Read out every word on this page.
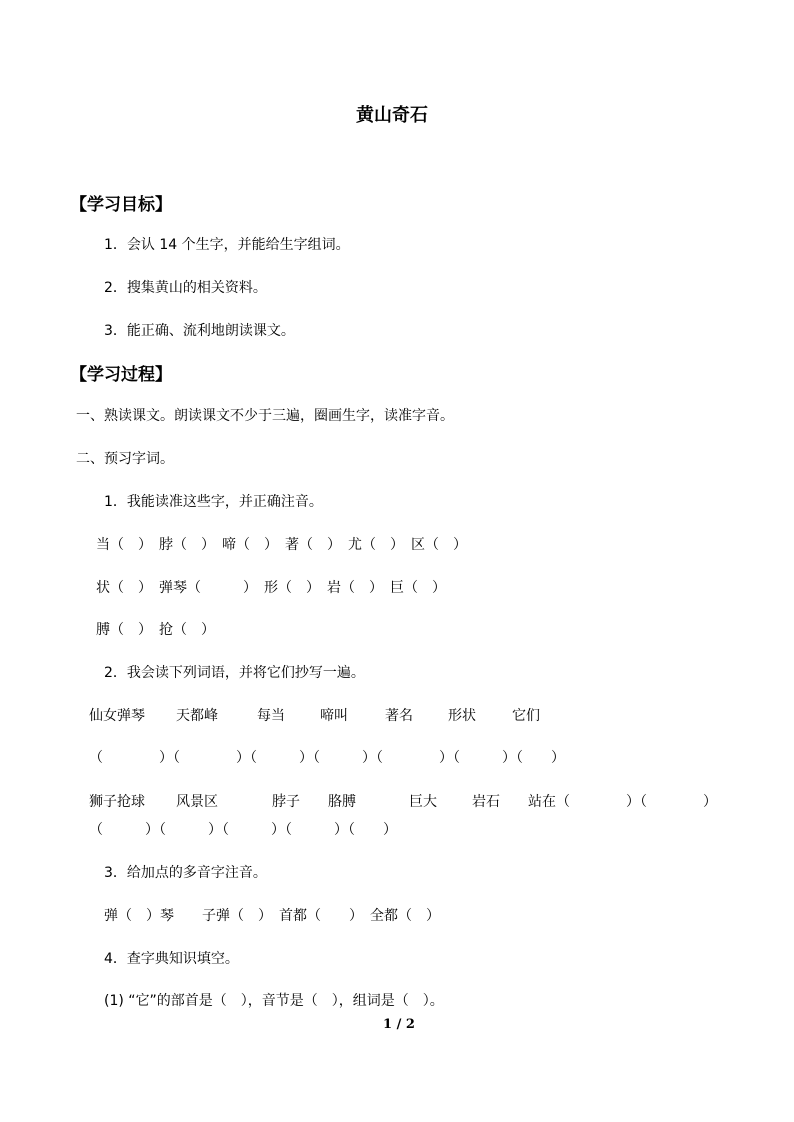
黄山奇石
【学习目标】
1．会认 14 个生字，并能给生字组词。
2．搜集黄山的相关资料。
3．能正确、流利地朗读课文。
【学习过程】
一、熟读课文。朗读课文不少于三遍，圈画生字，读准字音。
二、预习字词。
1．我能读准这些字，并正确注音。
当（　）　脖（　）　啼（　）　著（　）　尤（　）　区（　）
状（　）　弹琴（　　　）　形（　）　岩（　）　巨（　）
膊（　）　抢（　）
2．我会读下列词语，并将它们抄写一遍。
仙女弹琴 天都峰	每当	啼叫	著名	形状	它们
（　　　　）（　　　　）（　　　）（　　　）（　　　　）（　　　）（　　）
狮子抢球 风景区	脖子 胳膊	巨大	岩石 站在（　　　　）（　　　　）
（　　　）（　　　）（　　　）（　　　）（　　）
3．给加点的多音字注音。
弹（　）琴　　子弹（　）　首都（　　）　全都（　）
4．查字典知识填空。
(1) “它”的部首是（　），音节是（　），组词是（　）。
1 / 2
